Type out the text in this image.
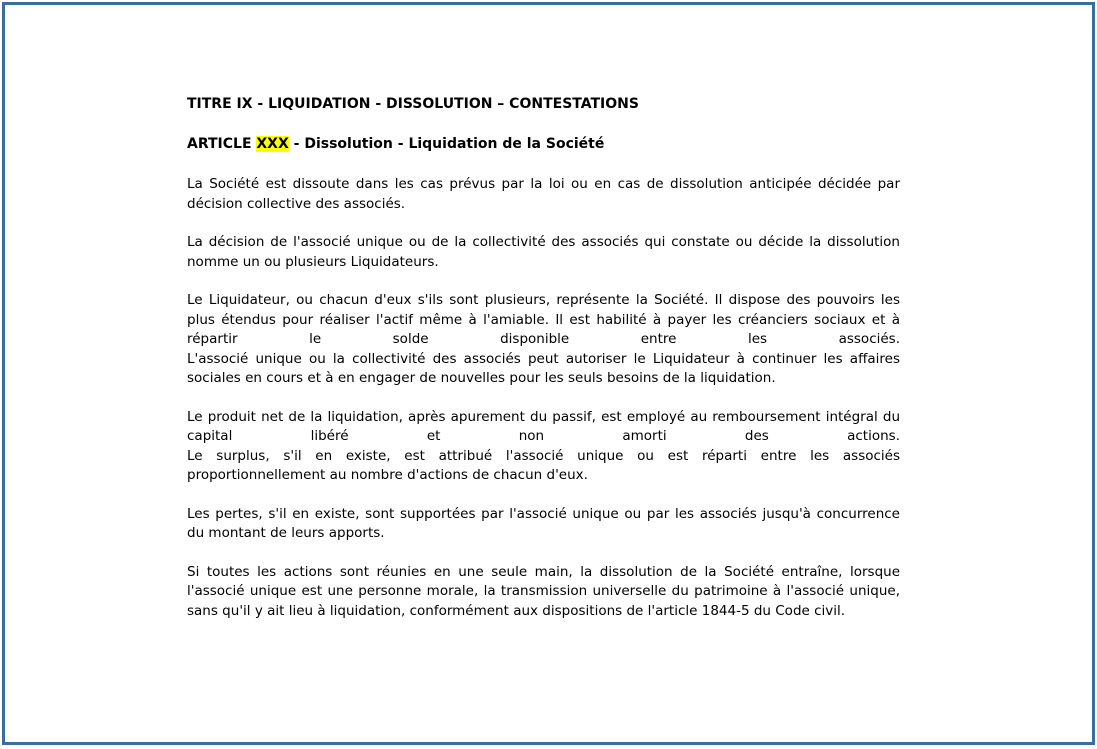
TITRE IX - LIQUIDATION - DISSOLUTION – CONTESTATIONS
ARTICLE XXX - Dissolution - Liquidation de la Société
La Société est dissoute dans les cas prévus par la loi ou en cas de dissolution anticipée décidée par décision collective des associés.
La décision de l'associé unique ou de la collectivité des associés qui constate ou décide la dissolution nomme un ou plusieurs Liquidateurs.
Le Liquidateur, ou chacun d'eux s'ils sont plusieurs, représente la Société. Il dispose des pouvoirs les plus étendus pour réaliser l'actif même à l'amiable. Il est habilité à payer les créanciers sociaux et à répartir le solde disponible entre les associés.
L'associé unique ou la collectivité des associés peut autoriser le Liquidateur à continuer les affaires sociales en cours et à en engager de nouvelles pour les seuls besoins de la liquidation.
Le produit net de la liquidation, après apurement du passif, est employé au remboursement intégral du capital libéré et non amorti des actions.
Le surplus, s'il en existe, est attribué l'associé unique ou est réparti entre les associés proportionnellement au nombre d'actions de chacun d'eux.
Les pertes, s'il en existe, sont supportées par l'associé unique ou par les associés jusqu'à concurrence du montant de leurs apports.
Si toutes les actions sont réunies en une seule main, la dissolution de la Société entraîne, lorsque l'associé unique est une personne morale, la transmission universelle du patrimoine à l'associé unique, sans qu'il y ait lieu à liquidation, conformément aux dispositions de l'article 1844-5 du Code civil.
